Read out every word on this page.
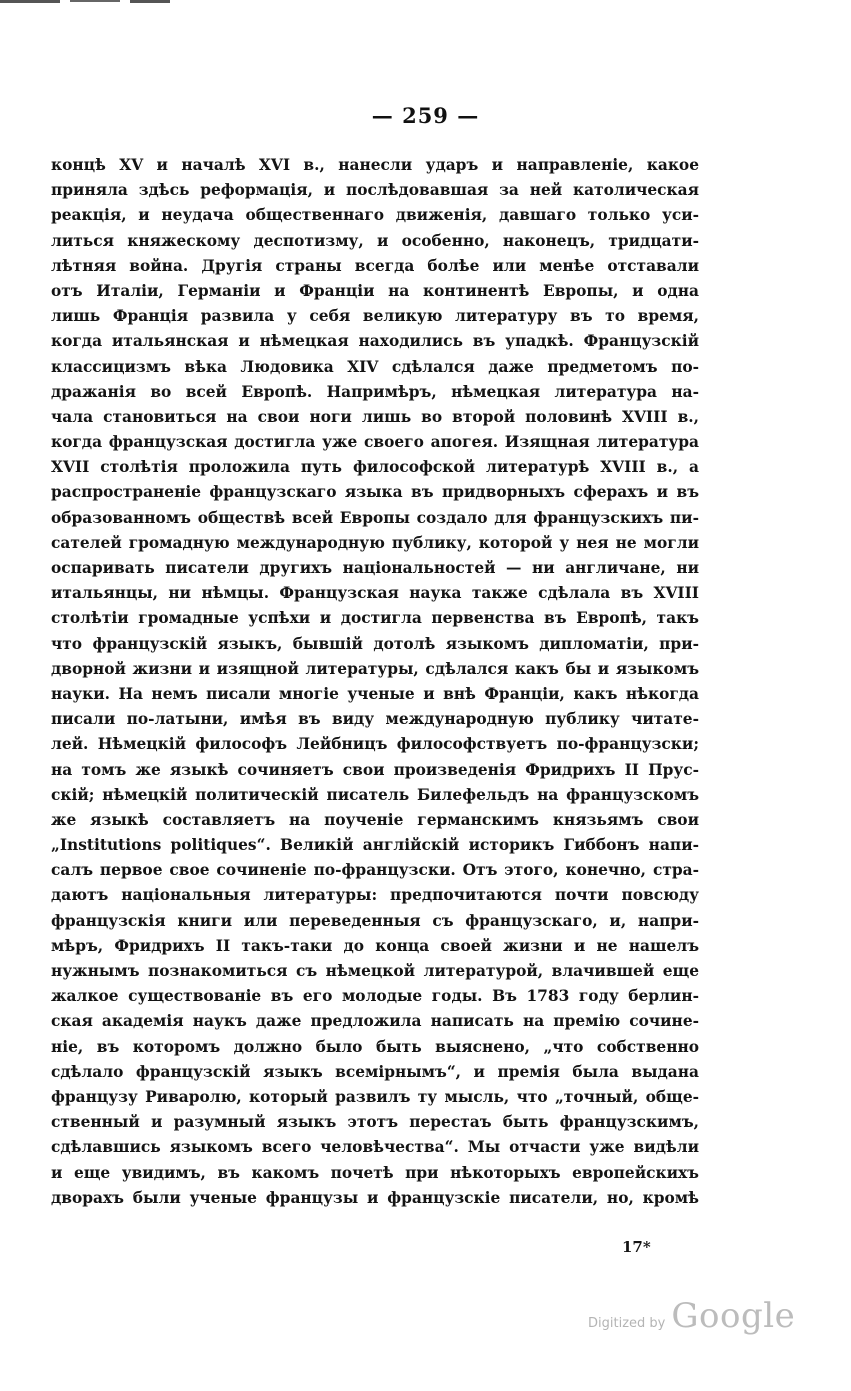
— 259 —
концѣ XV и началѣ XVI в., нанесли ударъ и направленіе, какое
приняла здѣсь реформація, и послѣдовавшая за ней католическая
реакція, и неудача общественнаго движенія, давшаго только уси-
литься княжескому деспотизму, и особенно, наконецъ, тридцати-
лѣтняя война. Другія страны всегда болѣе или менѣе отставали
отъ Италіи, Германіи и Франціи на континентѣ Европы, и одна
лишь Франція развила у себя великую литературу въ то время,
когда итальянская и нѣмецкая находились въ упадкѣ. Французскій
классицизмъ вѣка Людовика XIV сдѣлался даже предметомъ по-
дражанія во всей Европѣ. Напримѣръ, нѣмецкая литература на-
чала становиться на свои ноги лишь во второй половинѣ XVIII в.,
когда французская достигла уже своего апогея. Изящная литература
XVII столѣтія проложила путь философской литературѣ XVIII в., а
распространеніе французскаго языка въ придворныхъ сферахъ и въ
образованномъ обществѣ всей Европы создало для французскихъ пи-
сателей громадную международную публику, которой у нея не могли
оспаривать писатели другихъ національностей — ни англичане, ни
итальянцы, ни нѣмцы. Французская наука также сдѣлала въ XVIII
столѣтіи громадные успѣхи и достигла первенства въ Европѣ, такъ
что французскій языкъ, бывшій дотолѣ языкомъ дипломатіи, при-
дворной жизни и изящной литературы, сдѣлался какъ бы и языкомъ
науки. На немъ писали многіе ученые и внѣ Франціи, какъ нѣкогда
писали по-латыни, имѣя въ виду международную публику читате-
лей. Нѣмецкій философъ Лейбницъ философствуетъ по-французски;
на томъ же языкѣ сочиняетъ свои произведенія Фридрихъ II Прус-
скій; нѣмецкій политическій писатель Билефельдъ на французскомъ
же языкѣ составляетъ на поученіе германскимъ князьямъ свои
„Institutions politiques“. Великій англійскій историкъ Гиббонъ напи-
салъ первое свое сочиненіе по-французски. Отъ этого, конечно, стра-
даютъ національныя литературы: предпочитаются почти повсюду
французскія книги или переведенныя съ французскаго, и, напри-
мѣръ, Фридрихъ II такъ-таки до конца своей жизни и не нашелъ
нужнымъ познакомиться съ нѣмецкой литературой, влачившей еще
жалкое существованіе въ его молодые годы. Въ 1783 году берлин-
ская академія наукъ даже предложила написать на премію сочине-
ніе, въ которомъ должно было быть выяснено, „что собственно
сдѣлало французскій языкъ всемірнымъ“, и премія была выдана
французу Риваролю, который развилъ ту мысль, что „точный, обще-
ственный и разумный языкъ этотъ перестаъ быть французскимъ,
сдѣлавшись языкомъ всего человѣчества“. Мы отчасти уже видѣли
и еще увидимъ, въ какомъ почетѣ при нѣкоторыхъ европейскихъ
дворахъ были ученые французы и французскіе писатели, но, кромѣ
17*
Digitized by Google
